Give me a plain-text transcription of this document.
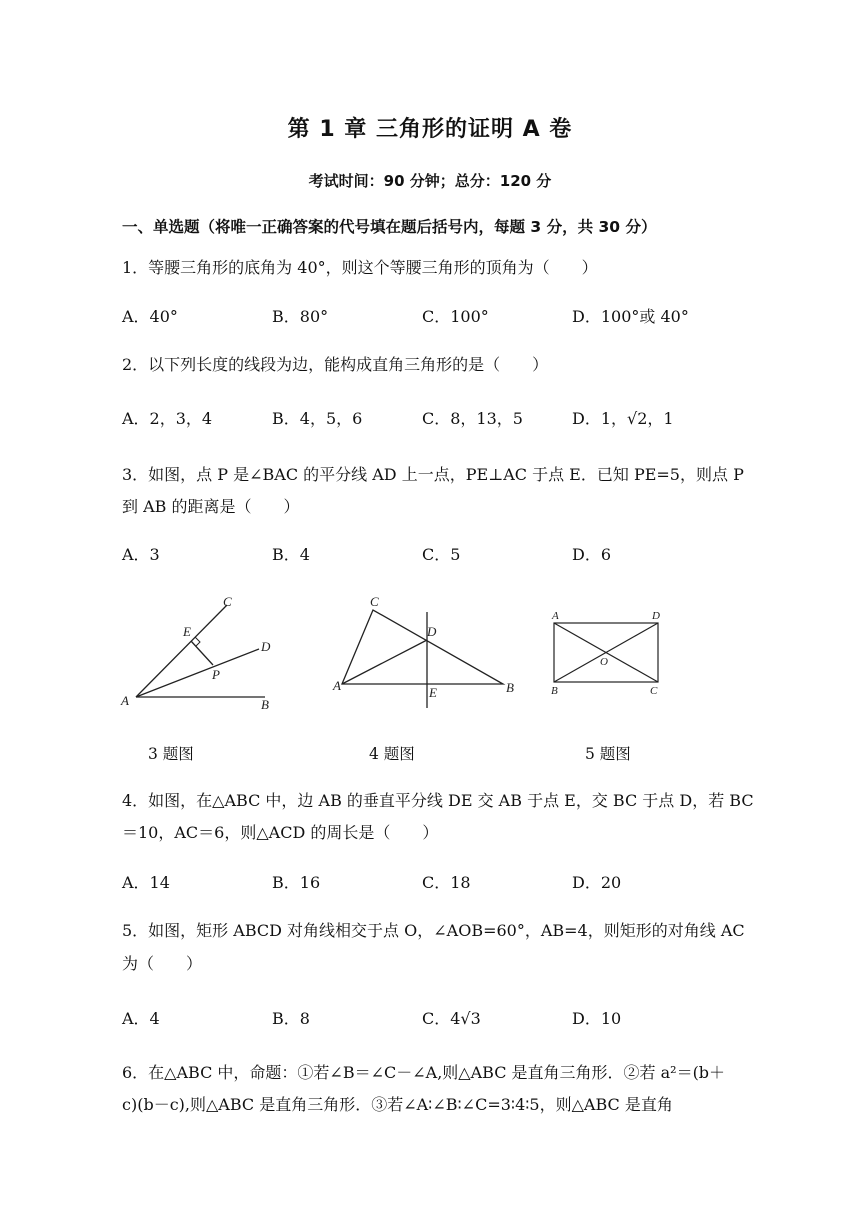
第 1 章 三角形的证明 A 卷
考试时间：90 分钟；总分：120 分
一、单选题（将唯一正确答案的代号填在题后括号内，每题 3 分，共 30 分）
1．等腰三角形的底角为 40°，则这个等腰三角形的顶角为（　　）
A．40°	B．80°	C．100°	D．100°或 40°
2．以下列长度的线段为边，能构成直角三角形的是（　　）
A．2，3，4	B．4，5，6	C．8，13，5	D．1，√2，1
3．如图，点 P 是∠BAC 的平分线 AD 上一点，PE⊥AC 于点 E．已知 PE=5，则点 P
到 AB 的距离是（　　）
A．3	B．4	C．5	D．6
C
E
D
P
A	B
C
D
A	E	B
A	D
O
B	C
3 题图	4 题图	5 题图
4．如图，在△ABC 中，边 AB 的垂直平分线 DE 交 AB 于点 E，交 BC 于点 D，若 BC
＝10，AC＝6，则△ACD 的周长是（　　）
A．14	B．16	C．18	D．20
5．如图，矩形 ABCD 对角线相交于点 O，∠AOB=60°，AB=4，则矩形的对角线 AC
为（　　）
A．4	B．8	C．4√3	D．10
6．在△ABC 中，命题：①若∠B＝∠C－∠A,则△ABC 是直角三角形．②若 a²＝(b＋
c)(b－c),则△ABC 是直角三角形．③若∠A∶∠B∶∠C=3∶4∶5，则△ABC 是直角
